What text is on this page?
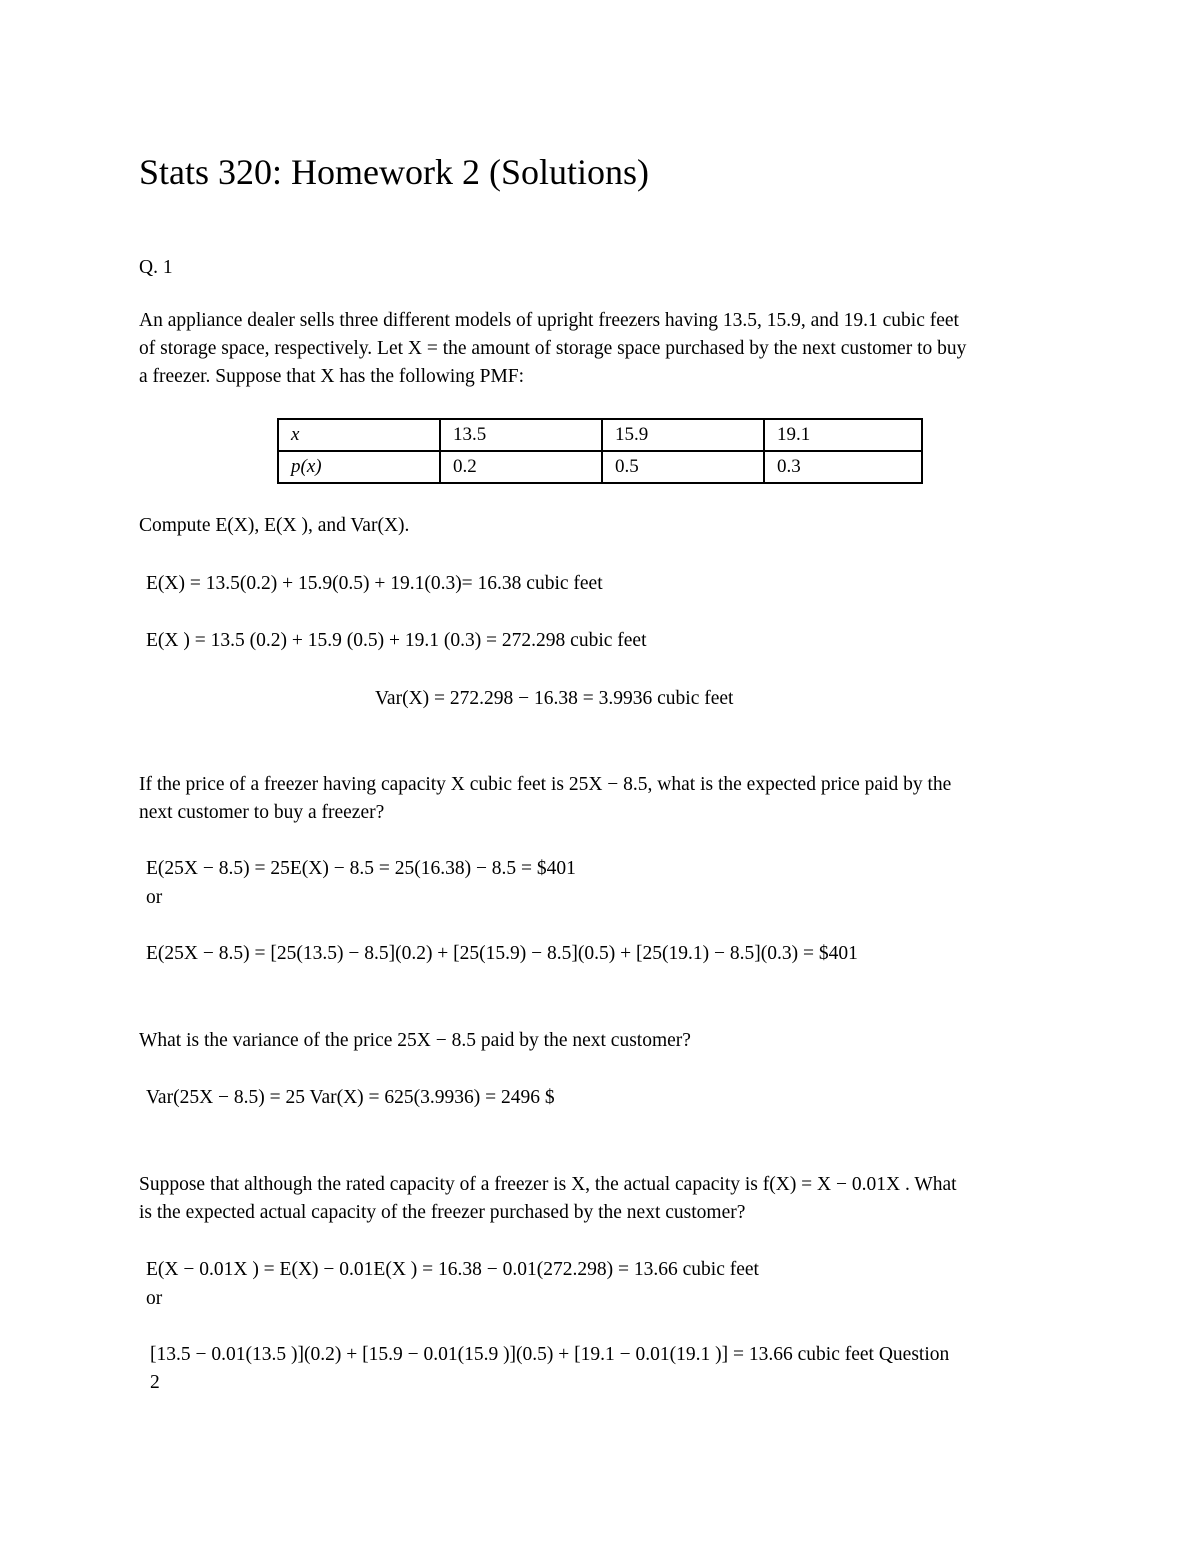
Stats 320: Homework 2 (Solutions)
Q. 1
An appliance dealer sells three different models of upright freezers having 13.5, 15.9, and 19.1 cubic feet
of storage space, respectively. Let X = the amount of storage space purchased by the next customer to buy
a freezer. Suppose that X has the following PMF:
x	13.5	15.9	19.1
p(x)	0.2	0.5	0.3
Compute E(X), E(X ), and Var(X).
E(X) = 13.5(0.2) + 15.9(0.5) + 19.1(0.3)= 16.38 cubic feet
E(X ) = 13.5 (0.2) + 15.9 (0.5) + 19.1 (0.3) = 272.298 cubic feet
Var(X) = 272.298 − 16.38 = 3.9936 cubic feet
If the price of a freezer having capacity X cubic feet is 25X − 8.5, what is the expected price paid by the
next customer to buy a freezer?
E(25X − 8.5) = 25E(X) − 8.5 = 25(16.38) − 8.5 = $401
or
E(25X − 8.5) = [25(13.5) − 8.5](0.2) + [25(15.9) − 8.5](0.5) + [25(19.1) − 8.5](0.3) = $401
What is the variance of the price 25X − 8.5 paid by the next customer?
Var(25X − 8.5) = 25 Var(X) = 625(3.9936) = 2496 $
Suppose that although the rated capacity of a freezer is X, the actual capacity is f(X) = X − 0.01X . What
is the expected actual capacity of the freezer purchased by the next customer?
E(X − 0.01X ) = E(X) − 0.01E(X ) = 16.38 − 0.01(272.298) = 13.66 cubic feet
or
[13.5 − 0.01(13.5 )](0.2) + [15.9 − 0.01(15.9 )](0.5) + [19.1 − 0.01(19.1 )] = 13.66 cubic feet Question
2
